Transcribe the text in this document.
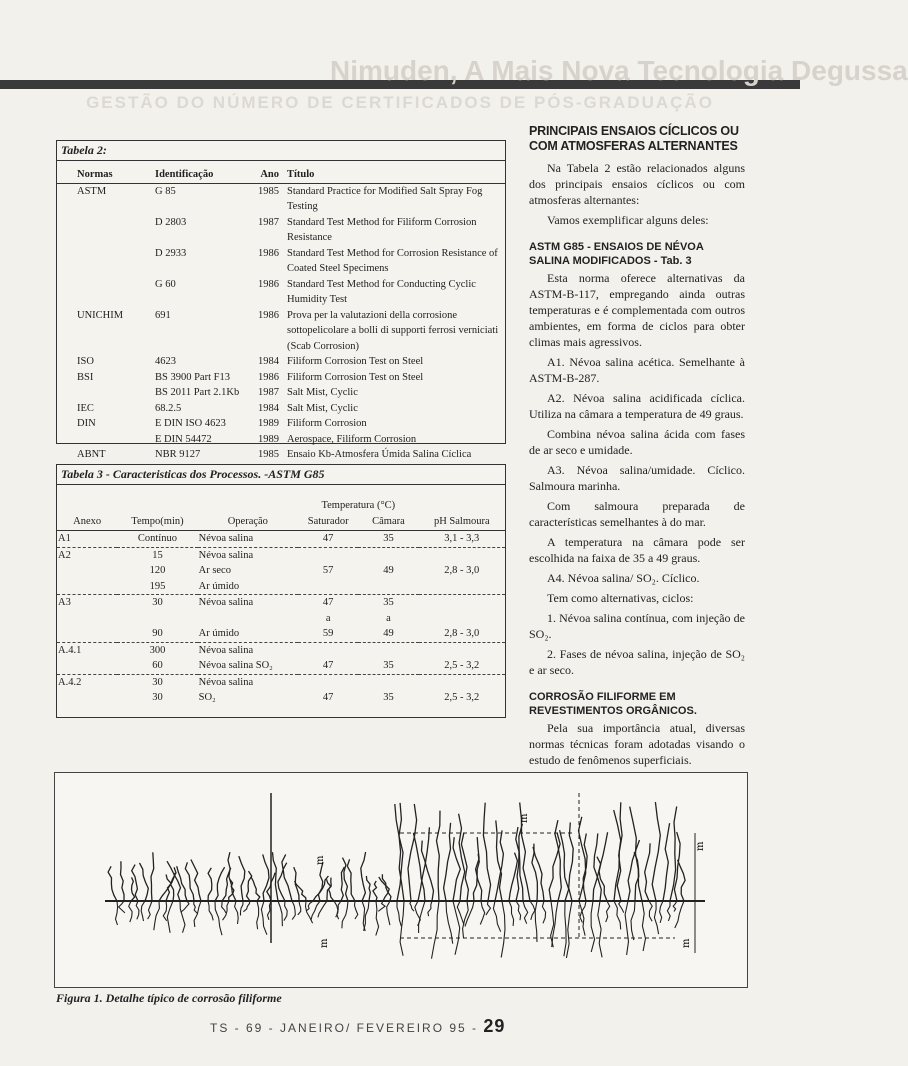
Nimuden, A Mais Nova Tecnologia Degussa
GESTÃO DO NÚMERO DE CERTIFICADOS DE PÓS-GRADUAÇÃO
Tabela 2:
Normas	Identificação	Ano	Título
ASTM	G 85	1985	Standard Practice for Modified Salt Spray Fog Testing
	D 2803	1987	Standard Test Method for Filiform Corrosion Resistance
	D 2933	1986	Standard Test Method for Corrosion Resistance of Coated Steel Specimens
	G 60	1986	Standard Test Method for Conducting Cyclic Humidity Test
UNICHIM	691	1986	Prova per la valutazioni della corrosione sottopelicolare a bolli di supporti ferrosi verniciati (Scab Corrosion)
ISO	4623	1984	Filiform Corrosion Test on Steel
BSI	BS 3900 Part F13	1986	Filiform Corrosion Test on Steel
	BS 2011 Part 2.1Kb	1987	Salt Mist, Cyclic
IEC	68.2.5	1984	Salt Mist, Cyclic
DIN	E DIN ISO 4623	1989	Filiform Corrosion
	E DIN 54472	1989	Aerospace, Filiform Corrosion
ABNT	NBR 9127	1985	Ensaio Kb-Atmosfera Úmida Salina Cíclica
Tabela 3 - Caracteristicas dos Processos. -ASTM G85
			Temperatura (°C)		
Anexo	Tempo(min)	Operação	Saturador	Câmara	pH Salmoura
A1	Contínuo	Névoa salina	47	35	3,1 - 3,3
A2	15	Névoa salina			
	120	Ar seco	57	49	2,8 - 3,0
	195	Ar úmido			
A3	30	Névoa salina	47	35	
			a	a	
	90	Ar úmido	59	49	2,8 - 3,0
A.4.1	300	Névoa salina			
	60	Névoa salina SO₂	47	35	2,5 - 3,2
A.4.2	30	Névoa salina			
	30	SO₂	47	35	2,5 - 3,2
PRINCIPAIS ENSAIOS CÍCLICOS OU COM ATMOSFERAS ALTERNANTES

Na Tabela 2 estão relacionados alguns dos principais ensaios cíclicos ou com atmosferas alternantes:

Vamos exemplificar alguns deles:

ASTM G85 - ENSAIOS DE NÉVOA SALINA MODIFICADOS - Tab. 3

Esta norma oferece alternativas da ASTM-B-117, empregando ainda outras temperaturas e é complementada com outros ambientes, em forma de ciclos para obter climas mais agressivos.

A1. Névoa salina acética. Semelhante à ASTM-B-287.

A2. Névoa salina acidificada cíclica. Utiliza na câmara a temperatura de 49 graus.

Combina névoa salina ácida com fases de ar seco e umidade.

A3. Névoa salina/umidade. Cíclico. Salmoura marinha.

Com salmoura preparada de características semelhantes à do mar.

A temperatura na câmara pode ser escolhida na faixa de 35 a 49 graus.

A4. Névoa salina/ SO₂. Cíclico.

Tem como alternativas, ciclos:

1. Névoa salina contínua, com injeção de SO₂.

2. Fases de névoa salina, injeção de SO₂ e ar seco.

CORROSÃO FILIFORME EM REVESTIMENTOS ORGÂNICOS.

Pela sua importância atual, diversas normas técnicas foram adotadas visando o estudo de fenômenos superficiais.

m
m
m
m
m
Figura 1. Detalhe típico de corrosão filiforme
TS - 69 - JANEIRO/ FEVEREIRO 95 - 29
